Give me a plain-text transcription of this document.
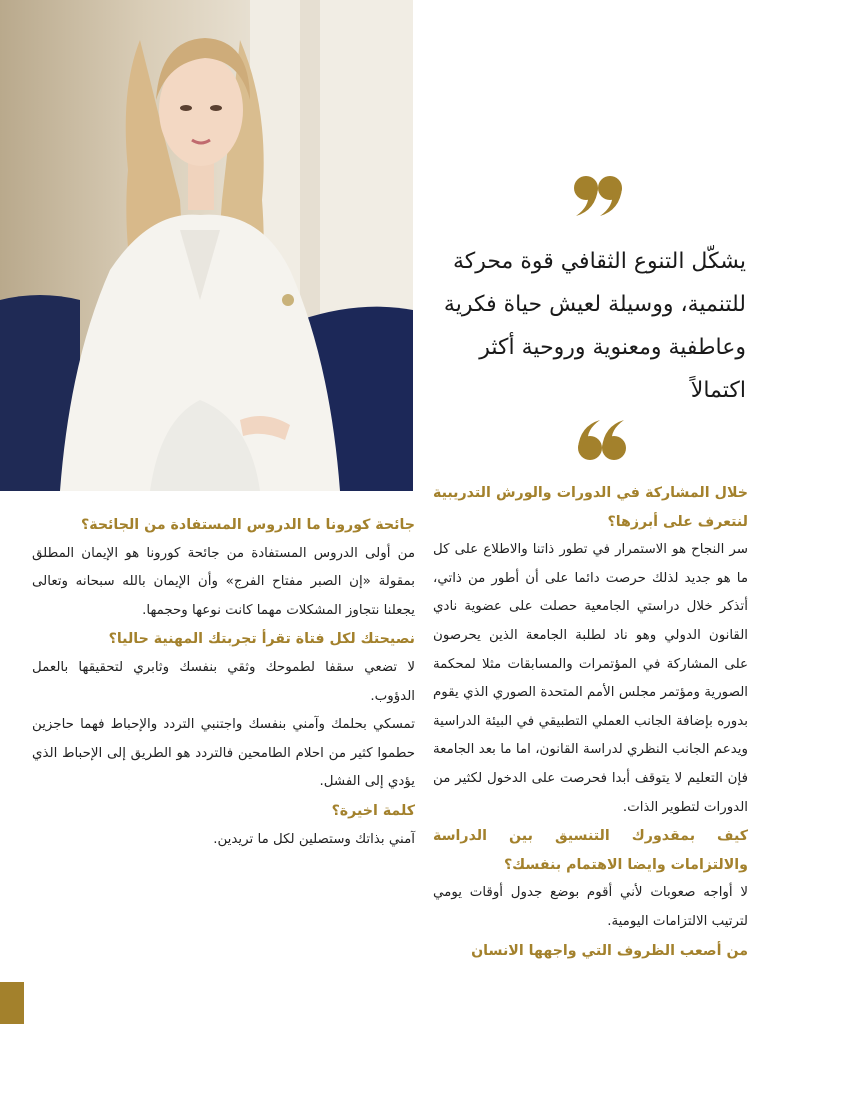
يشكّل التنوع الثقافي قوة محركة للتنمية، ووسيلة لعيش حياة فكرية وعاطفية ومعنوية وروحية أكثر اكتمالاً

خلال المشاركة في الدورات والورش التدريبية لنتعرف على أبرزها؟

سر النجاح هو الاستمرار في تطور ذاتنا والاطلاع على كل ما هو جديد لذلك حرصت دائما على أن أطور من ذاتي، أتذكر خلال دراستي الجامعية حصلت على عضوية نادي القانون الدولي وهو ناد لطلبة الجامعة الذين يحرصون على المشاركة في المؤتمرات والمسابقات مثلا لمحكمة الصورية ومؤتمر مجلس الأمم المتحدة الصوري الذي يقوم بدوره بإضافة الجانب العملي التطبيقي في البيئة الدراسية ويدعم الجانب النظري لدراسة القانون، اما ما بعد الجامعة فإن التعليم لا يتوقف أبدا فحرصت على الدخول لكثير من الدورات لتطوير الذات.

كيف بمقدورك التنسيق بين الدراسة والالتزامات وايضا الاهتمام بنفسك؟

لا أواجه صعوبات لأني أقوم بوضع جدول أوقات يومي لترتيب الالتزامات اليومية.

من أصعب الظروف التي واجهها الانسان

جائحة كورونا ما الدروس المستفادة من الجائحة؟

من أولى الدروس المستفادة من جائحة كورونا هو الإيمان المطلق بمقولة «إن الصبر مفتاح الفرج» وأن الإيمان بالله سبحانه وتعالى يجعلنا نتجاوز المشكلات مهما كانت نوعها وحجمها.

نصيحتك لكل فتاة تقرأ تجربتك المهنية حاليا؟

لا تضعي سقفا لطموحك وثقي بنفسك وثابري لتحقيقها بالعمل الدؤوب.

تمسكي بحلمك وآمني بنفسك واجتنبي التردد والإحباط فهما حاجزين حطموا كثير من احلام الطامحين فالتردد هو الطريق إلى الإحباط الذي يؤدي إلى الفشل.

كلمة اخيرة؟

آمني بذاتك وستصلين لكل ما تريدين.
